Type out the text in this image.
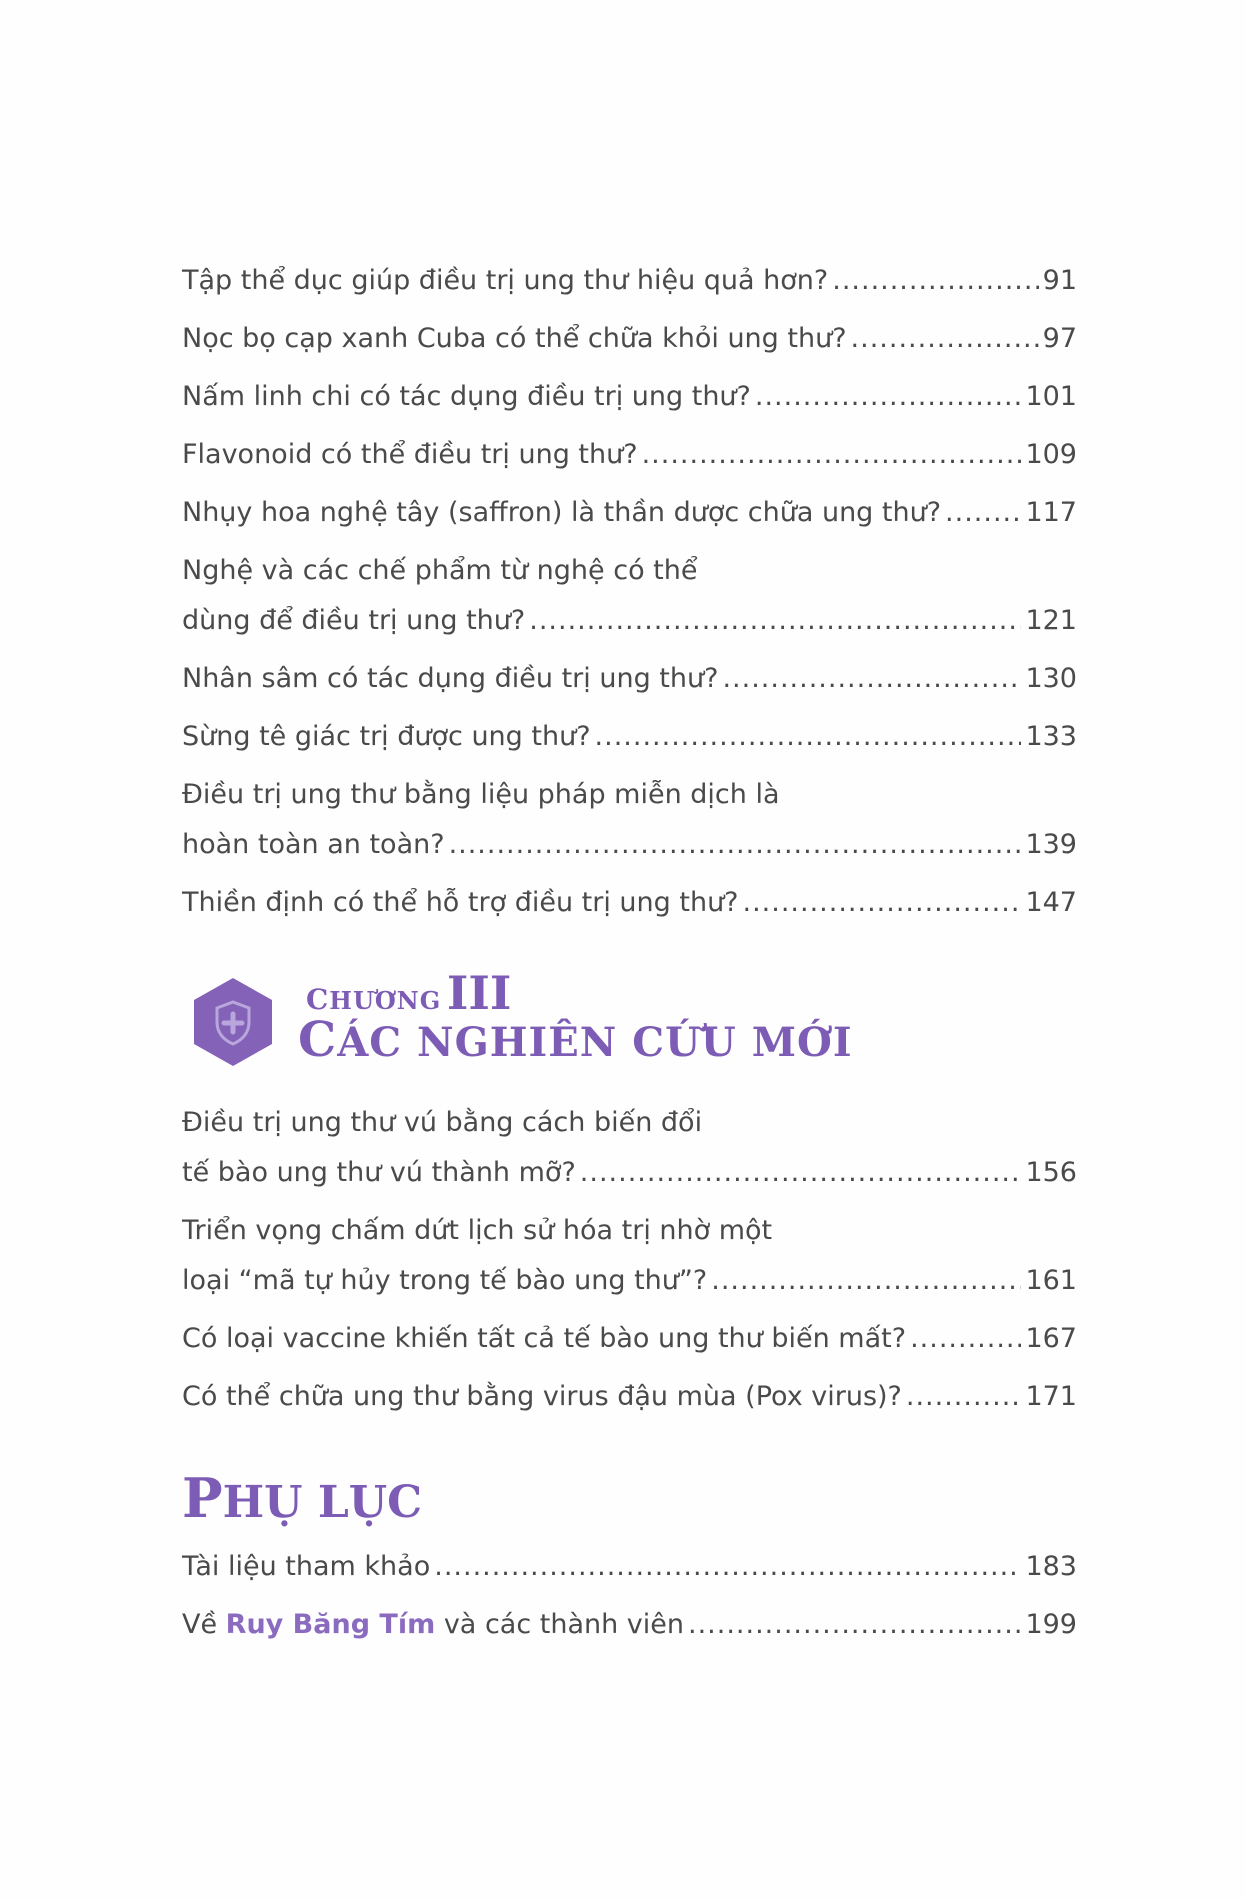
Tập thể dục giúp điều trị ung thư hiệu quả hơn? .....	91
Nọc bọ cạp xanh Cuba có thể chữa khỏi ung thư? .....	97
Nấm linh chi có tác dụng điều trị ung thư? .....	101
Flavonoid có thể điều trị ung thư? .....	109
Nhụy hoa nghệ tây (saffron) là thần dược chữa ung thư? .....	117
Nghệ và các chế phẩm từ nghệ có thể
dùng để điều trị ung thư? .....	121
Nhân sâm có tác dụng điều trị ung thư? .....	130
Sừng tê giác trị được ung thư? .....	133
Điều trị ung thư bằng liệu pháp miễn dịch là
hoàn toàn an toàn? .....	139
Thiền định có thể hỗ trợ điều trị ung thư? .....	147
CHƯƠNG III
CÁC NGHIÊN CỨU MỚI
Điều trị ung thư vú bằng cách biến đổi
tế bào ung thư vú thành mỡ? .....	156
Triển vọng chấm dứt lịch sử hóa trị nhờ một
loại “mã tự hủy trong tế bào ung thư”? .....	161
Có loại vaccine khiến tất cả tế bào ung thư biến mất? .....	167
Có thể chữa ung thư bằng virus đậu mùa (Pox virus)? .....	171
PHỤ LỤC
Tài liệu tham khảo .....	183
Về Ruy Băng Tím và các thành viên .....	199
